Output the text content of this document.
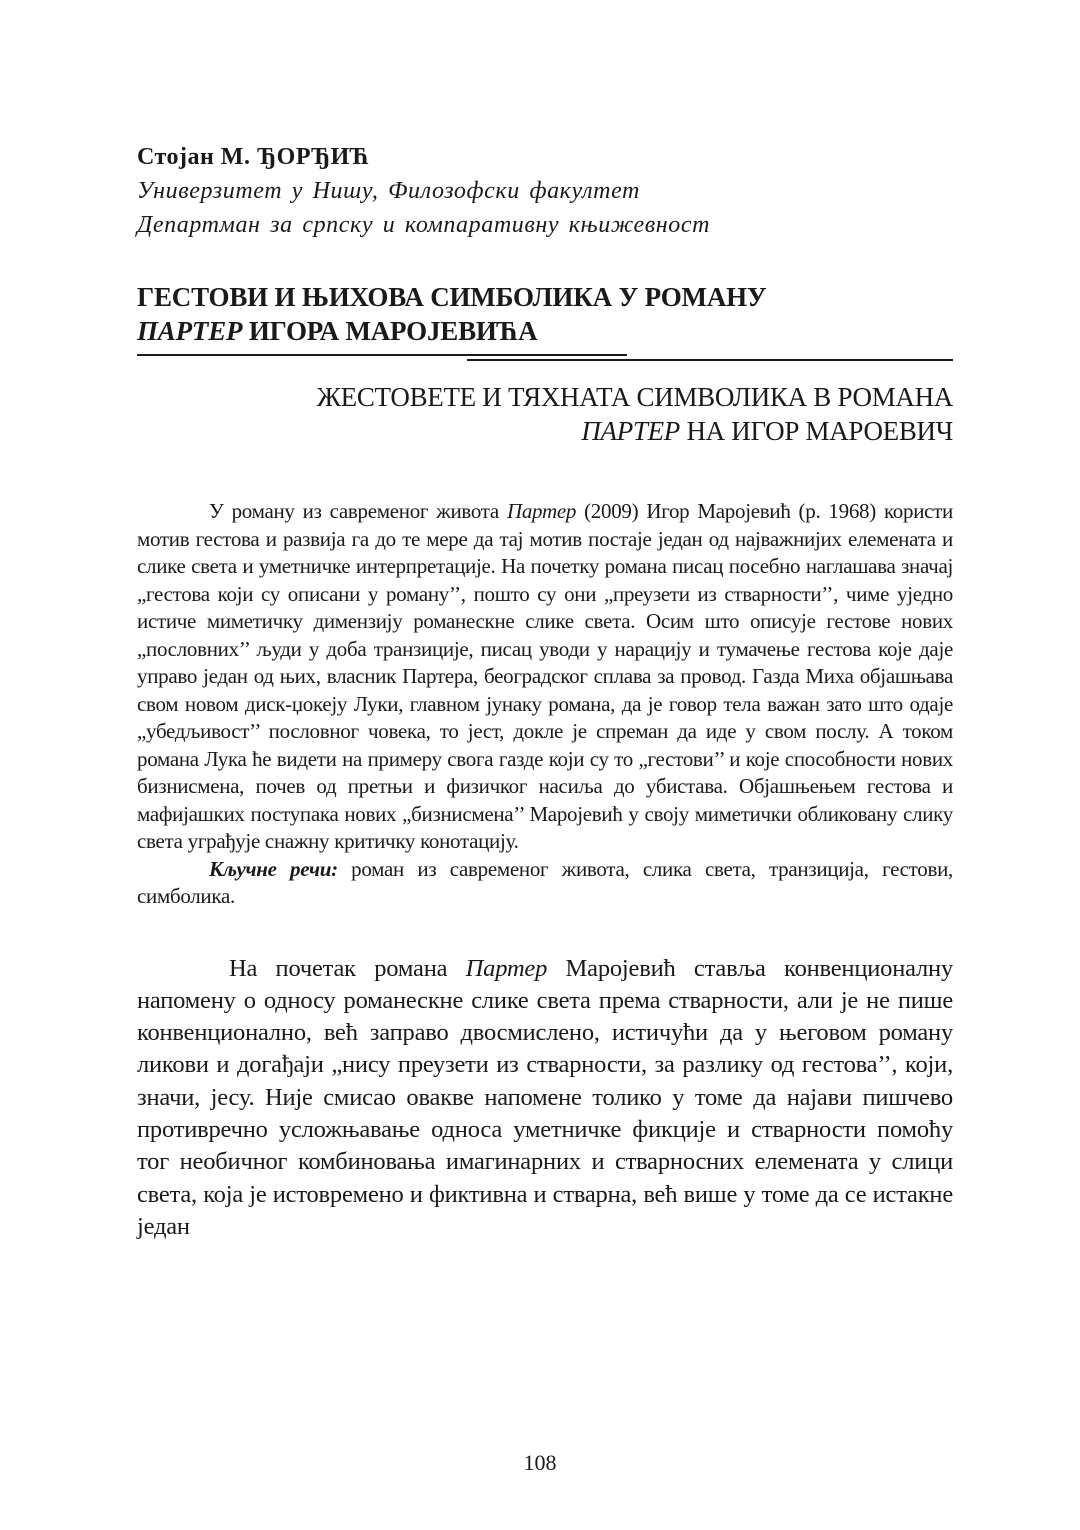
Стојан М. ЂОРЂИЋ

Универзитет у Нишу, Филозофски факултет

Департман за српску и компаративну књижевност

ГЕСТОВИ И ЊИХОВА СИМБОЛИКА У РОМАНУ
ПАРТЕР ИГОРА МАРОЈЕВИЋА
ЖЕСТОВЕТЕ И ТЯХНАТА СИМВОЛИКА В РОМАНА
ПАРТЕР НА ИГОР МАРОЕВИЧ

У роману из савременог живота Партер (2009) Игор Маројевић (р. 1968) користи мотив гестова и развија га до те мере да тај мотив постаје један од најважнијих елемената и слике света и уметничке интерпретације. На почетку романа писац посебно наглашава значај „гестова који су описани у роману’’, пошто су они „преузети из стварности’’, чиме уједно истиче миметичку димензију романескне слике света. Осим што описује гестове нових „пословних’’ људи у доба транзиције, писац уводи у нарацију и тумачење гестова које даје управо један од њих, власник Партера, београдског сплава за провод. Газда Миха објашњава свом новом диск-џокеју Луки, главном јунаку романа, да је говор тела важан зато што одаје „убедљивост’’ пословног човека, то јест, докле је спреман да иде у свом послу. А током романа Лука ће видети на примеру свога газде који су то „гестови’’ и које способности нових бизнисмена, почев од претњи и физичког насиља до убистава. Објашњењем гестова и мафијашких поступака нових „бизнисмена’’ Маројевић у своју миметички обликовану слику света уграђује снажну критичку конотацију.

Кључне речи: роман из савременог живота, слика света, транзиција, гестови, симболика.

На почетак романа Партер Маројевић ставља конвенционалну напомену о односу романескне слике света према стварности, али је не пише конвенционално, већ заправо двосмислено, истичући да у његовом роману ликови и догађаји „нису преузети из стварности, за разлику од гестова’’, који, значи, јесу. Није смисао овакве напомене толико у томе да најави пишчево противречно усложњавање односа уметничке фикције и стварности помоћу тог необичног комбиновања имагинарних и стварносних елемената у слици света, која је истовремено и фиктивна и стварна, већ више у томе да се истакне један

108
